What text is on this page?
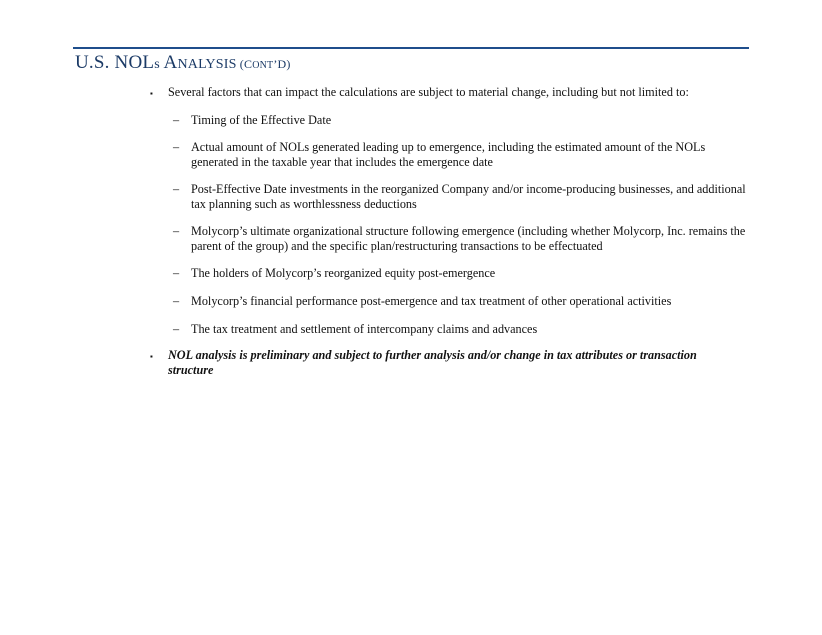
U.S. NOLs ANALYSIS (CONT’D)
▪ Several factors that can impact the calculations are subject to material change, including but not limited to:
– Timing of the Effective Date
– Actual amount of NOLs generated leading up to emergence, including the estimated amount of the NOLs generated in the taxable year that includes the emergence date
– Post-Effective Date investments in the reorganized Company and/or income-producing businesses, and additional tax planning such as worthlessness deductions
– Molycorp’s ultimate organizational structure following emergence (including whether Molycorp, Inc. remains the parent of the group) and the specific plan/restructuring transactions to be effectuated
– The holders of Molycorp’s reorganized equity post-emergence
– Molycorp’s financial performance post-emergence and tax treatment of other operational activities
– The tax treatment and settlement of intercompany claims and advances
▪ NOL analysis is preliminary and subject to further analysis and/or change in tax attributes or transaction structure
